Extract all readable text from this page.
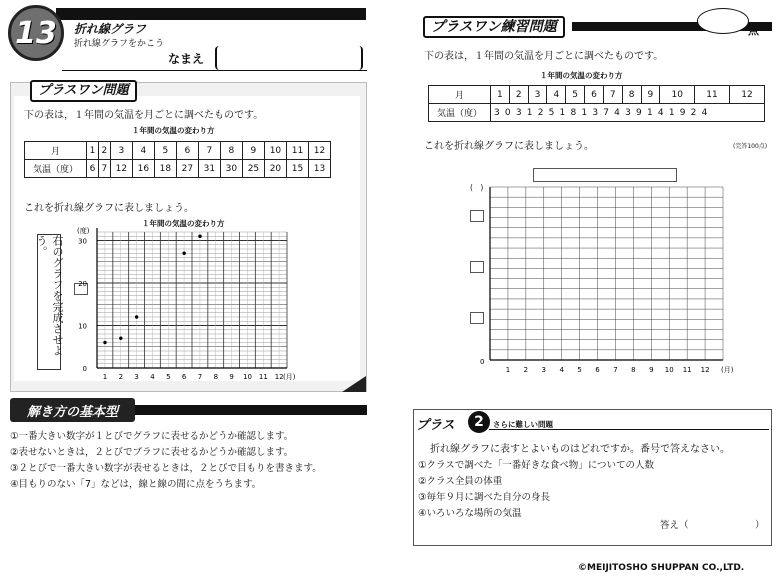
13	折れ線グラフ
折れ線グラフをかこう
なまえ
プラスワン問題
下の表は，１年間の気温を月ごとに調べたものです。
１年間の気温の変わり方
月	1	2	3	4	5	6	7	8	9	10	11	12
気温（度）	6	7	12	16	18	27	31	30	25	20	15	13
これを折れ線グラフに表しましょう。
１年間の気温の変わり方
右のグラフを完成させよう。
0
10
20
30
(度)
1 2 3 4 5 6 7 8 9 10 11 12 (月)
解き方の基本型
①一番大きい数字が１とびでグラフに表せるかどうか確認します。
②表せないときは，２とびでブラフに表せるかどうか確認します。
③２とびで一番大きい数字が表せるときは，２とびで目もりを書きます。
④目もりのない「7」などは，線と線の間に点をうちます。
プラスワン練習問題	点
下の表は，１年間の気温を月ごとに調べたものです。
１年間の気温の変わり方
月	1	2	3	4	5	6	7	8	9	10	11	12
気温（度）	30312518137439141924											
これを折れ線グラフに表しましょう。	(完答100点)
(　)
0
1 2 3 4 5 6 7 8 9 10 11 12 (月)
プラス	2	さらに難しい問題
折れ線グラフに表すとよいものはどれですか。番号で答えなさい。
①クラスで調べた「一番好きな食べ物」についての人数
②クラス全員の体重
③毎年９月に調べた自分の身長
④いろいろな場所の気温
答え（　　　　　　　）
©MEIJITOSHO SHUPPAN CO.,LTD.
